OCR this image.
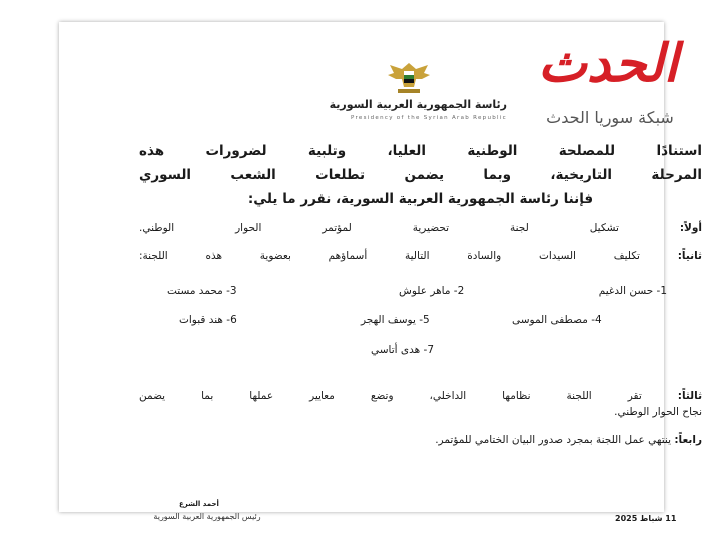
رئاسة الجمهورية العربية السورية
Presidency of the Syrian Arab Republic
استنادًا للمصلحة الوطنية العليا، وتلبية لضرورات هذه
المرحلة التاريخية، وبما يضمن تطلعات الشعب السوري

فإننا رئاسة الجمهورية العربية السورية، نقرر ما يلي:
أولاً: تشكيل لجنة تحضيرية لمؤتمر الحوار الوطني.
ثانياً: تكليف السيدات والسادة التالية أسماؤهم بعضوية هذه اللجنة:
1- حسن الدغيم
2- ماهر علوش
3- محمد مستت
4- مصطفى الموسى
5- يوسف الهجر
6- هند قبوات
7- هدى أتاسي
ثالثاً: تقر اللجنة نظامها الداخلي، وتضع معايير عملها بما يضمن
نجاح الحوار الوطني.
رابعاً: ينتهي عمل اللجنة بمجرد صدور البيان الختامي للمؤتمر.
أحمد الشرع
رئيس الجمهورية العربية السورية	11 شباط 2025
الحدث
شبكة سوريا الحدث
